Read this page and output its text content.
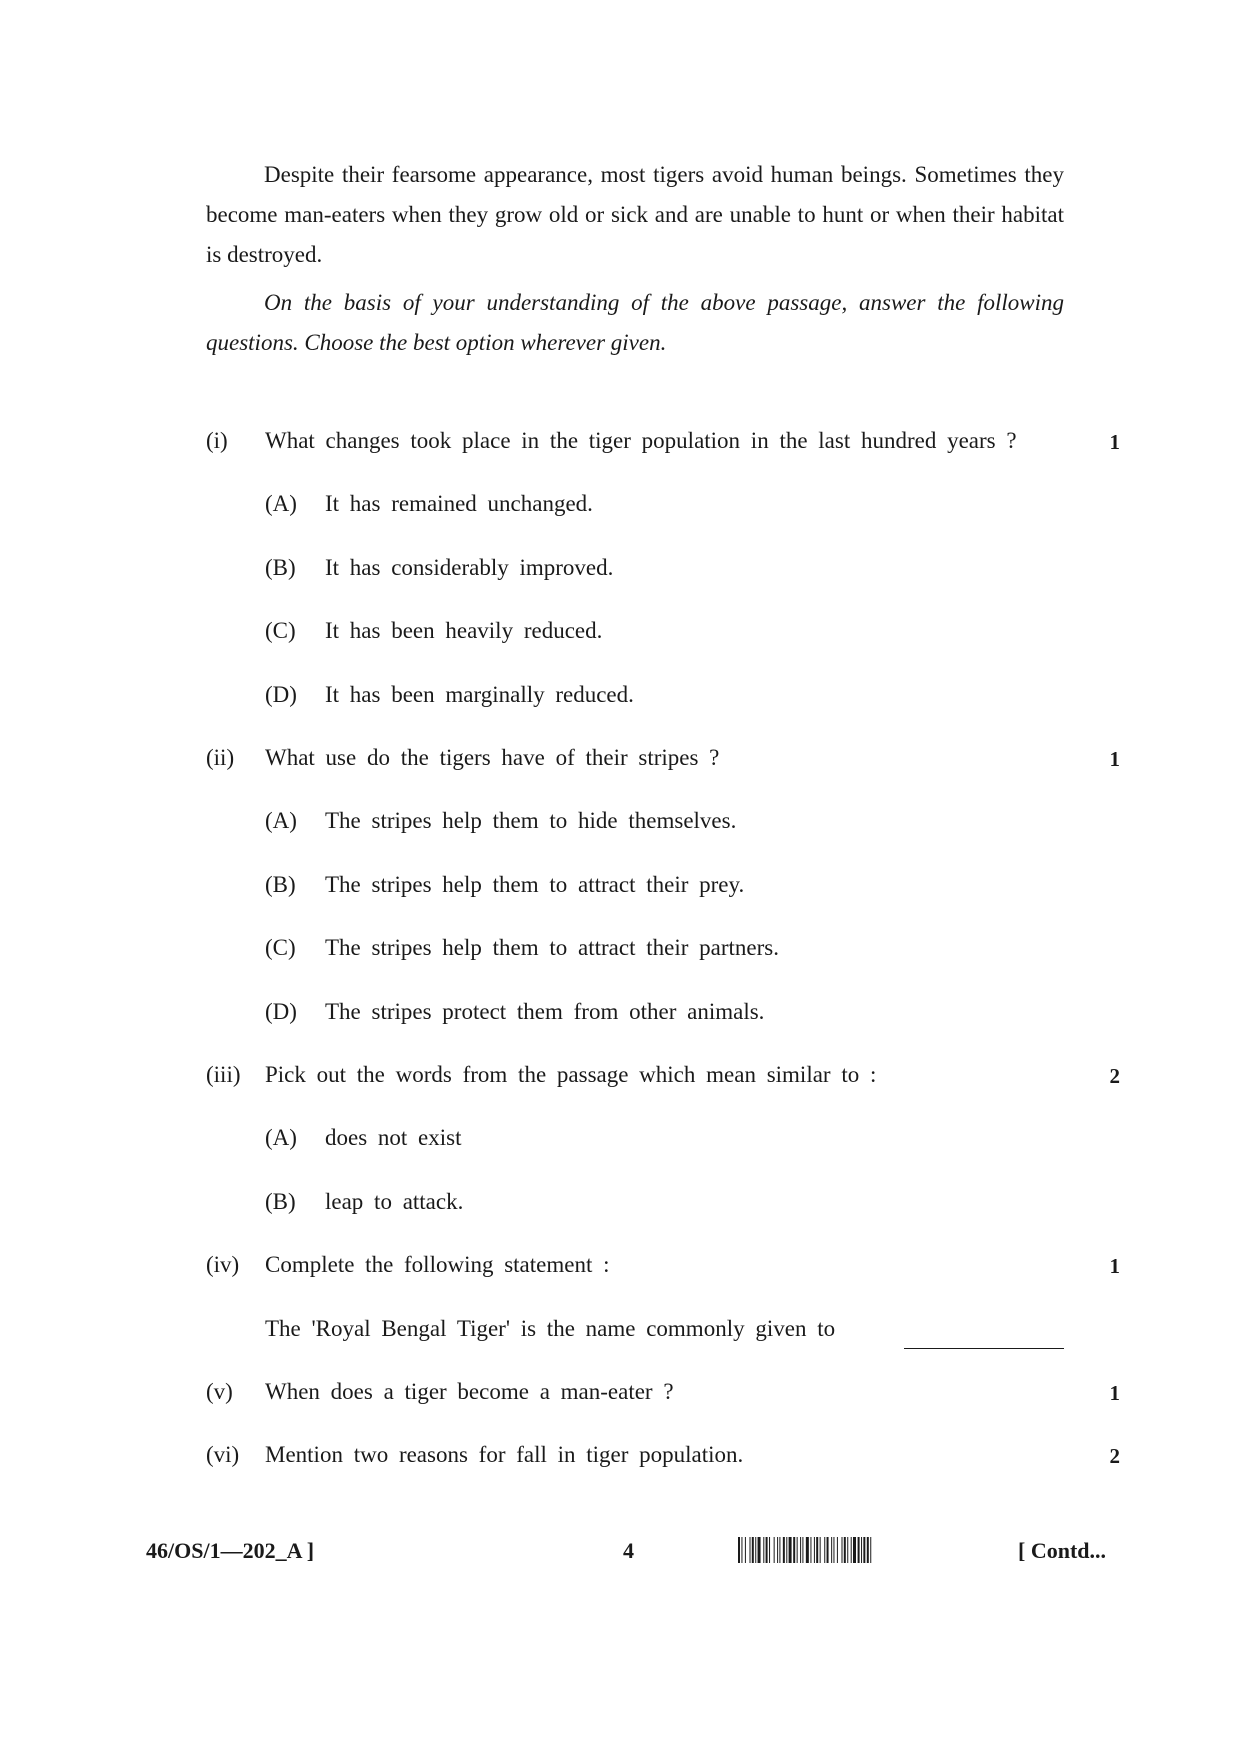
Despite their fearsome appearance, most tigers avoid human beings. Sometimes they become man-eaters when they grow old or sick and are unable to hunt or when their habitat is destroyed.

On the basis of your understanding of the above passage, answer the following questions. Choose the best option wherever given.

(i) What changes took place in the tiger population in the last hundred years ?	1
(A) It has remained unchanged.
(B) It has considerably improved.
(C) It has been heavily reduced.
(D) It has been marginally reduced.
(ii) What use do the tigers have of their stripes ?	1
(A) The stripes help them to hide themselves.
(B) The stripes help them to attract their prey.
(C) The stripes help them to attract their partners.
(D) The stripes protect them from other animals.
(iii) Pick out the words from the passage which mean similar to :	2
(A) does not exist
(B) leap to attack.
(iv) Complete the following statement :	1
The 'Royal Bengal Tiger' is the name commonly given to
(v) When does a tiger become a man-eater ?	1
(vi) Mention two reasons for fall in tiger population.	2
46/OS/1—202_A ]	4	[ Contd...
